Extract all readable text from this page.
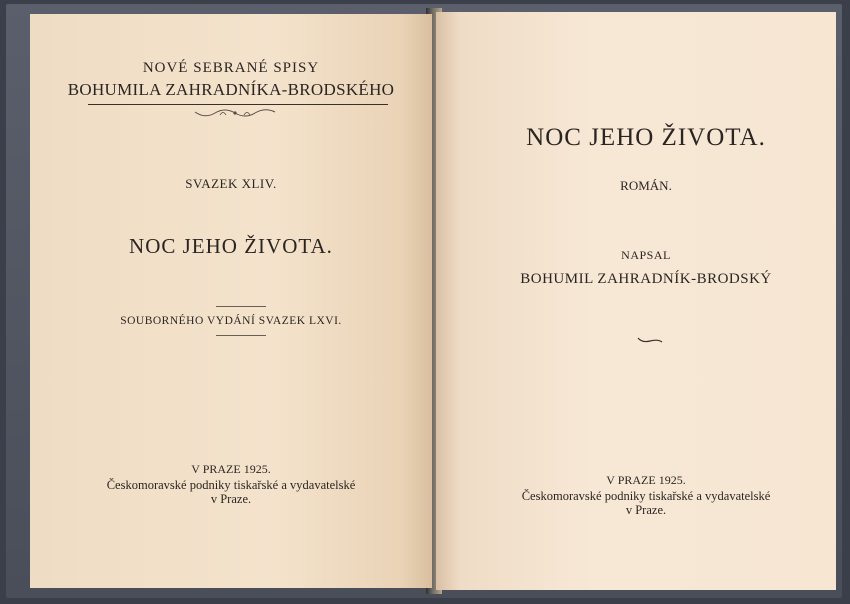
NOVÉ SEBRANÉ SPISY
BOHUMILA ZAHRADNÍKA-BRODSKÉHO
SVAZEK XLIV.
NOC JEHO ŽIVOTA.
SOUBORNÉHO VYDÁNÍ SVAZEK LXVI.
V PRAZE 1925.
Českomoravské podniky tiskařské a vydavatelské
v Praze.
NOC JEHO ŽIVOTA.
ROMÁN.
NAPSAL
BOHUMIL ZAHRADNÍK-BRODSKÝ
V PRAZE 1925.
Českomoravské podniky tiskařské a vydavatelské
v Praze.
